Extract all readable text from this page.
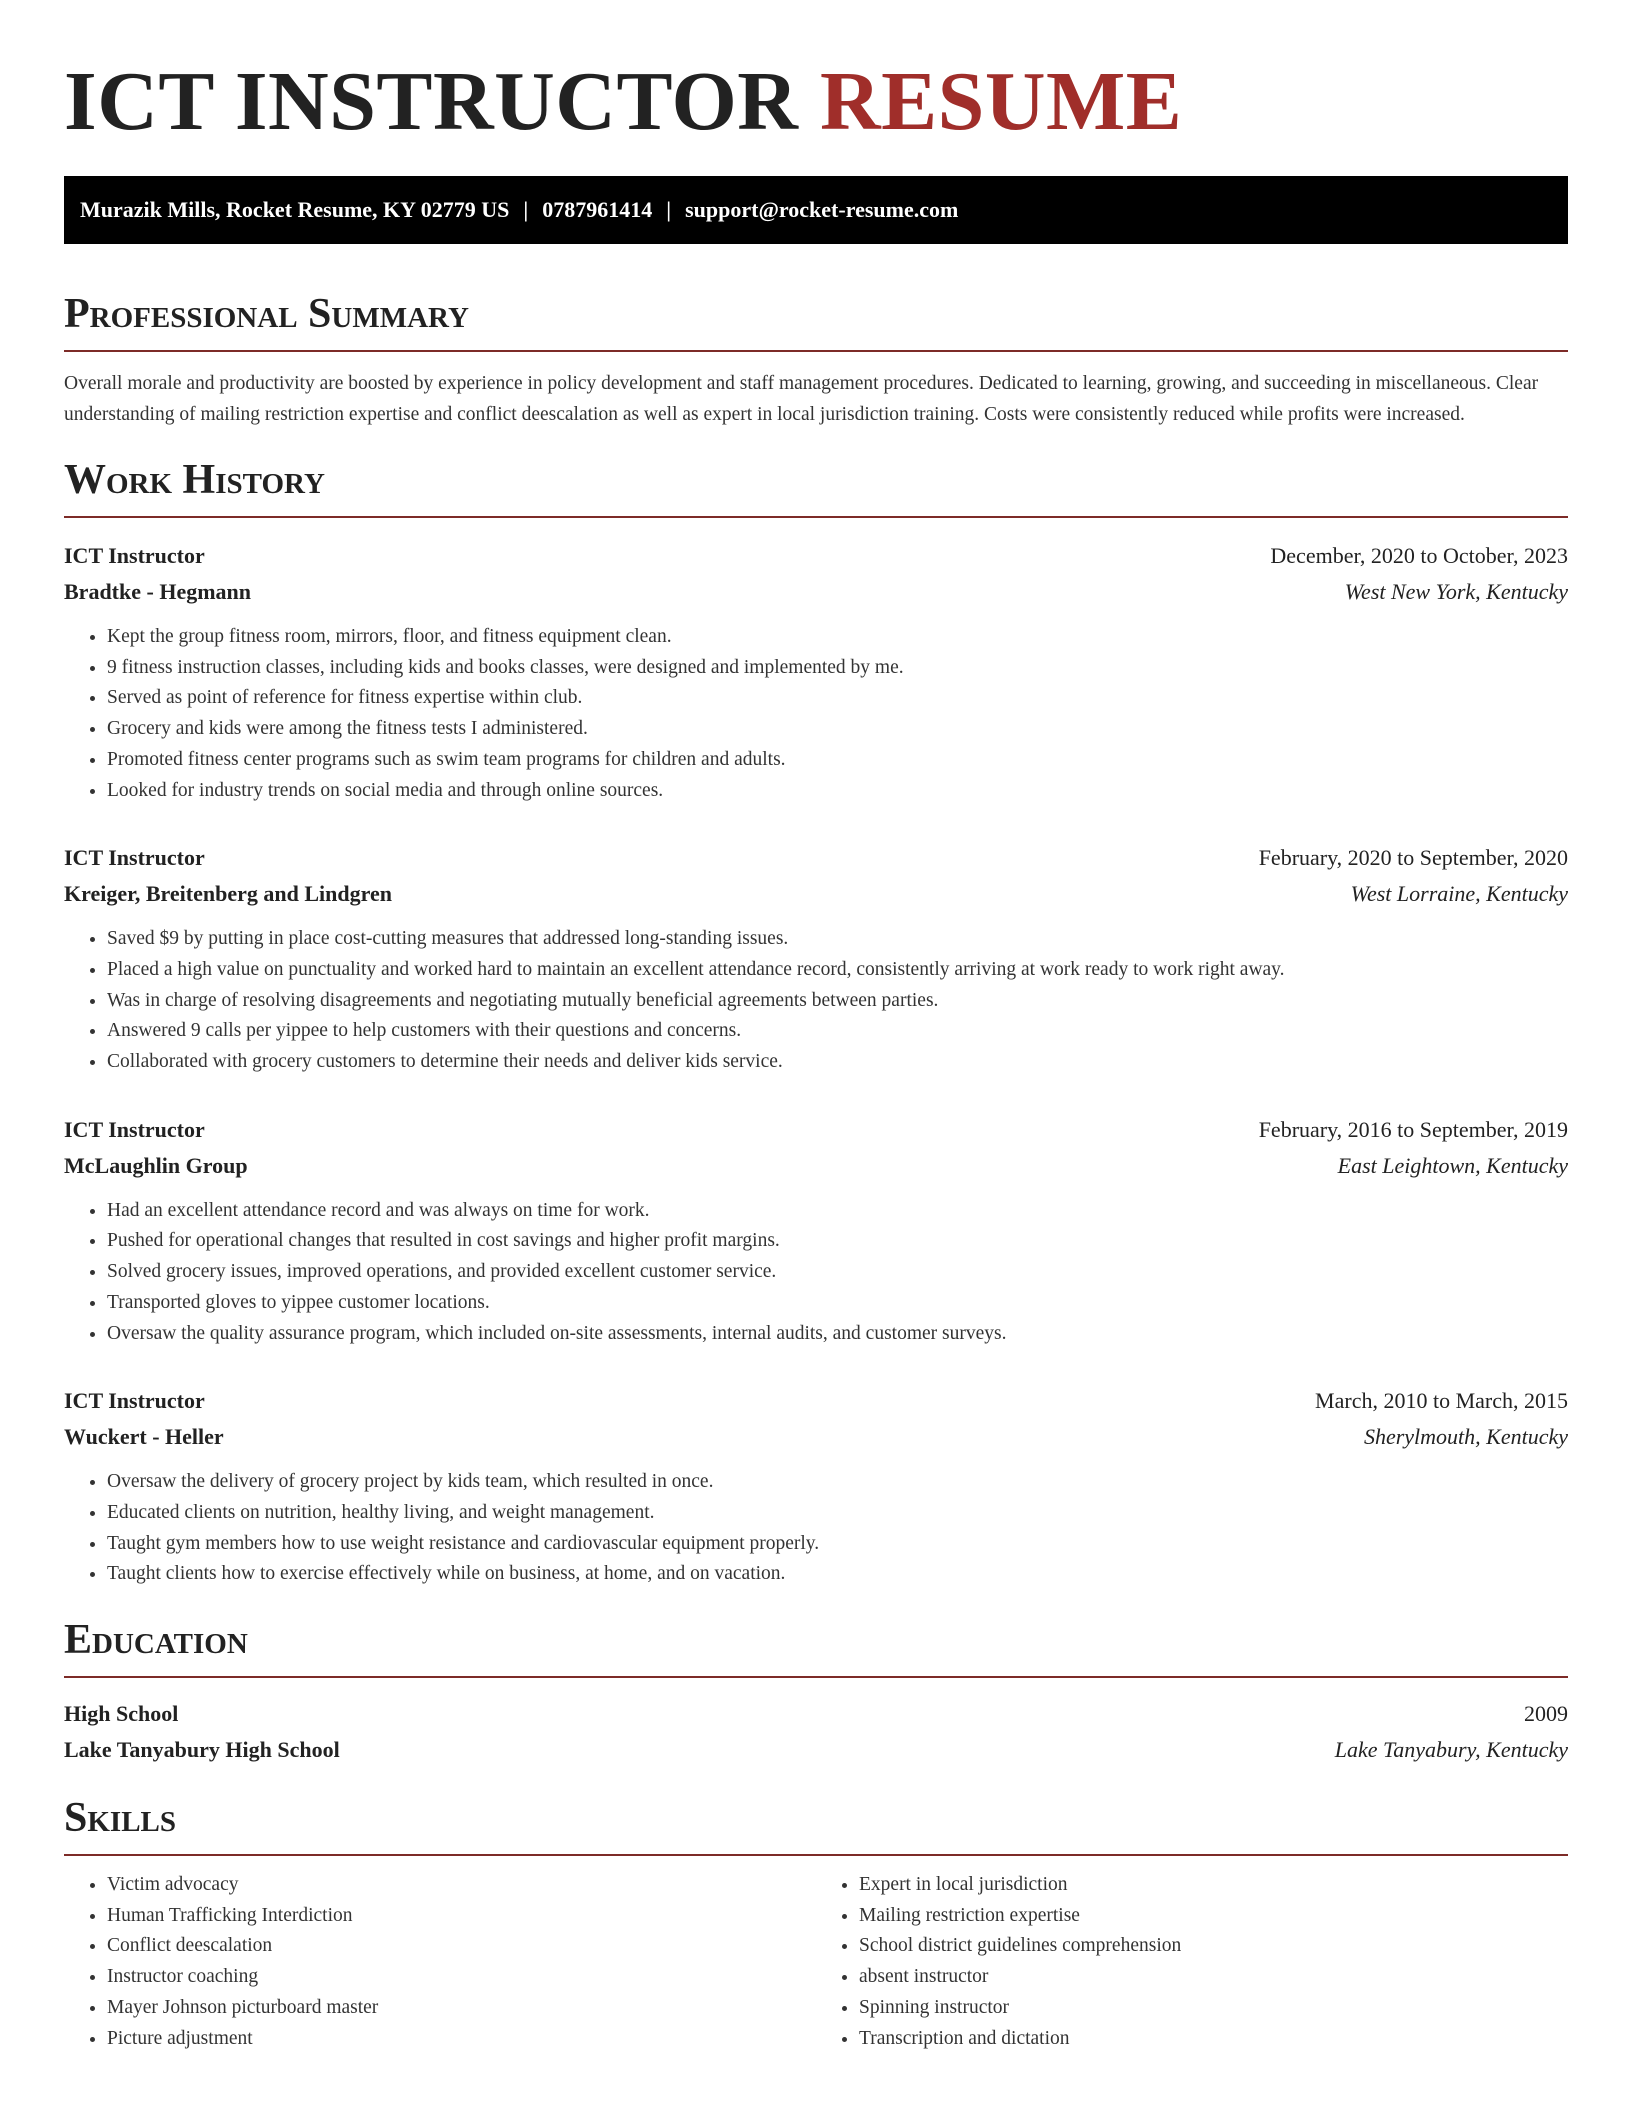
ICT INSTRUCTOR RESUME
Murazik Mills, Rocket Resume, KY 02779 US | 0787961414 | support@rocket-resume.com
Professional Summary

Overall morale and productivity are boosted by experience in policy development and staff management procedures. Dedicated to learning, growing, and succeeding in miscellaneous. Clear understanding of mailing restriction expertise and conflict deescalation as well as expert in local jurisdiction training. Costs were consistently reduced while profits were increased.

Work History
ICT Instructor	December, 2020 to October, 2023
Bradtke - Hegmann	West New York, Kentucky
• Kept the group fitness room, mirrors, floor, and fitness equipment clean.
• 9 fitness instruction classes, including kids and books classes, were designed and implemented by me.
• Served as point of reference for fitness expertise within club.
• Grocery and kids were among the fitness tests I administered.
• Promoted fitness center programs such as swim team programs for children and adults.
• Looked for industry trends on social media and through online sources.
ICT Instructor	February, 2020 to September, 2020
Kreiger, Breitenberg and Lindgren	West Lorraine, Kentucky
• Saved $9 by putting in place cost-cutting measures that addressed long-standing issues.
• Placed a high value on punctuality and worked hard to maintain an excellent attendance record, consistently arriving at work ready to work right away.
• Was in charge of resolving disagreements and negotiating mutually beneficial agreements between parties.
• Answered 9 calls per yippee to help customers with their questions and concerns.
• Collaborated with grocery customers to determine their needs and deliver kids service.
ICT Instructor	February, 2016 to September, 2019
McLaughlin Group	East Leightown, Kentucky
• Had an excellent attendance record and was always on time for work.
• Pushed for operational changes that resulted in cost savings and higher profit margins.
• Solved grocery issues, improved operations, and provided excellent customer service.
• Transported gloves to yippee customer locations.
• Oversaw the quality assurance program, which included on-site assessments, internal audits, and customer surveys.
ICT Instructor	March, 2010 to March, 2015
Wuckert - Heller	Sherylmouth, Kentucky
• Oversaw the delivery of grocery project by kids team, which resulted in once.
• Educated clients on nutrition, healthy living, and weight management.
• Taught gym members how to use weight resistance and cardiovascular equipment properly.
• Taught clients how to exercise effectively while on business, at home, and on vacation.
Education
High School	2009
Lake Tanyabury High School	Lake Tanyabury, Kentucky
Skills
• Victim advocacy
• Human Trafficking Interdiction
• Conflict deescalation
• Instructor coaching
• Mayer Johnson picturboard master
• Picture adjustment
• Expert in local jurisdiction
• Mailing restriction expertise
• School district guidelines comprehension
• absent instructor
• Spinning instructor
• Transcription and dictation
